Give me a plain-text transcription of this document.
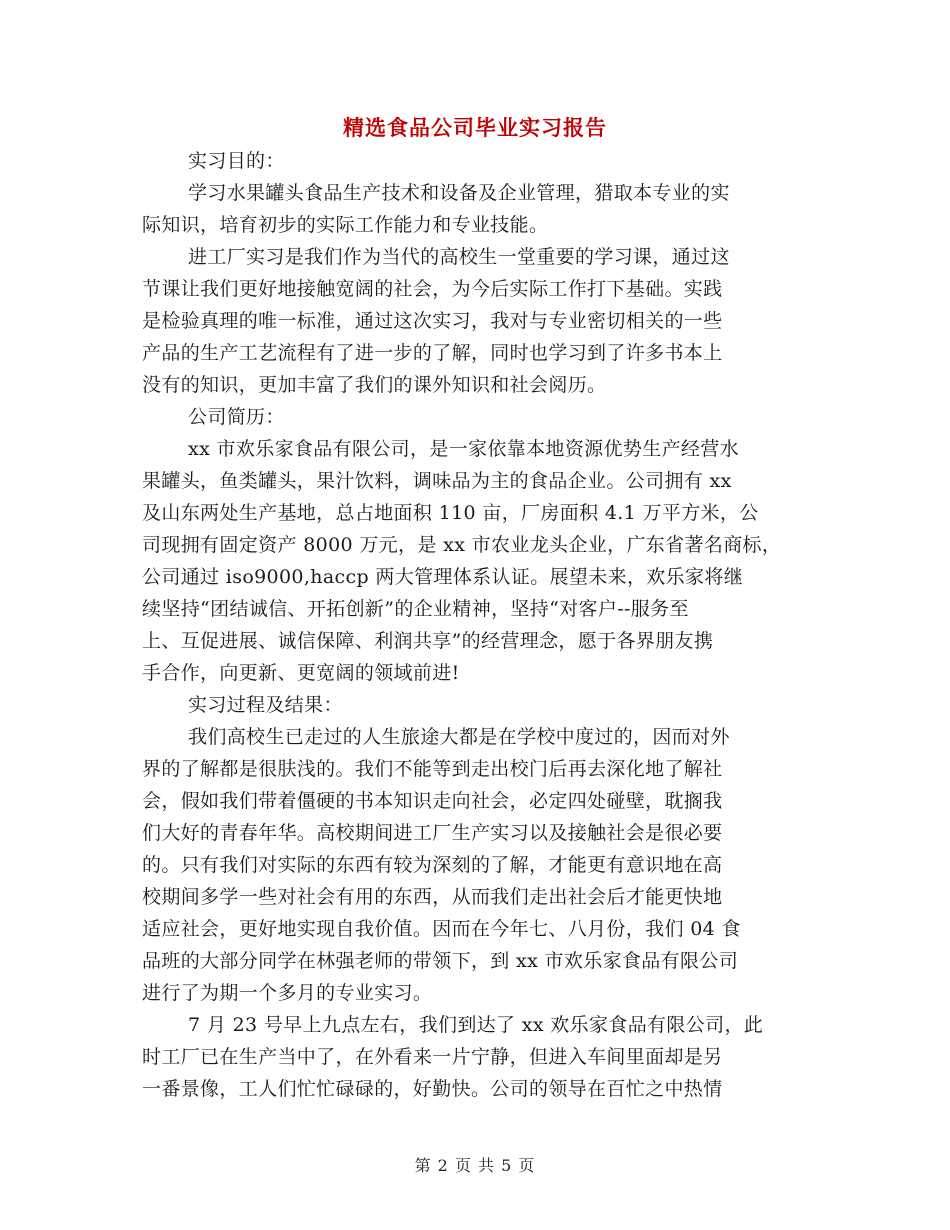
精选食品公司毕业实习报告
实习目的：
学习水果罐头食品生产技术和设备及企业管理，猎取本专业的实
际知识，培育初步的实际工作能力和专业技能。
进工厂实习是我们作为当代的高校生一堂重要的学习课，通过这
节课让我们更好地接触宽阔的社会，为今后实际工作打下基础。实践
是检验真理的唯一标准，通过这次实习，我对与专业密切相关的一些
产品的生产工艺流程有了进一步的了解，同时也学习到了许多书本上
没有的知识，更加丰富了我们的课外知识和社会阅历。
公司简历：
xx 市欢乐家食品有限公司，是一家依靠本地资源优势生产经营水
果罐头，鱼类罐头，果汁饮料，调味品为主的食品企业。公司拥有 xx
及山东两处生产基地，总占地面积 110 亩，厂房面积 4.1 万平方米，公
司现拥有固定资产 8000 万元，是 xx 市农业龙头企业，广东省著名商标，
公司通过 iso9000,haccp 两大管理体系认证。展望未来，欢乐家将继
续坚持“团结诚信、开拓创新”的企业精神，坚持“对客户--服务至
上、互促进展、诚信保障、利润共享”的经营理念，愿于各界朋友携
手合作，向更新、更宽阔的领域前进!
实习过程及结果：
我们高校生已走过的人生旅途大都是在学校中度过的，因而对外
界的了解都是很肤浅的。我们不能等到走出校门后再去深化地了解社
会，假如我们带着僵硬的书本知识走向社会，必定四处碰壁，耽搁我
们大好的青春年华。高校期间进工厂生产实习以及接触社会是很必要
的。只有我们对实际的东西有较为深刻的了解，才能更有意识地在高
校期间多学一些对社会有用的东西，从而我们走出社会后才能更快地
适应社会，更好地实现自我价值。因而在今年七、八月份，我们 04 食
品班的大部分同学在林强老师的带领下，到 xx 市欢乐家食品有限公司
进行了为期一个多月的专业实习。
7 月 23 号早上九点左右，我们到达了 xx 欢乐家食品有限公司，此
时工厂已在生产当中了，在外看来一片宁静，但进入车间里面却是另
一番景像，工人们忙忙碌碌的，好勤快。公司的领导在百忙之中热情
第 2 页 共 5 页
